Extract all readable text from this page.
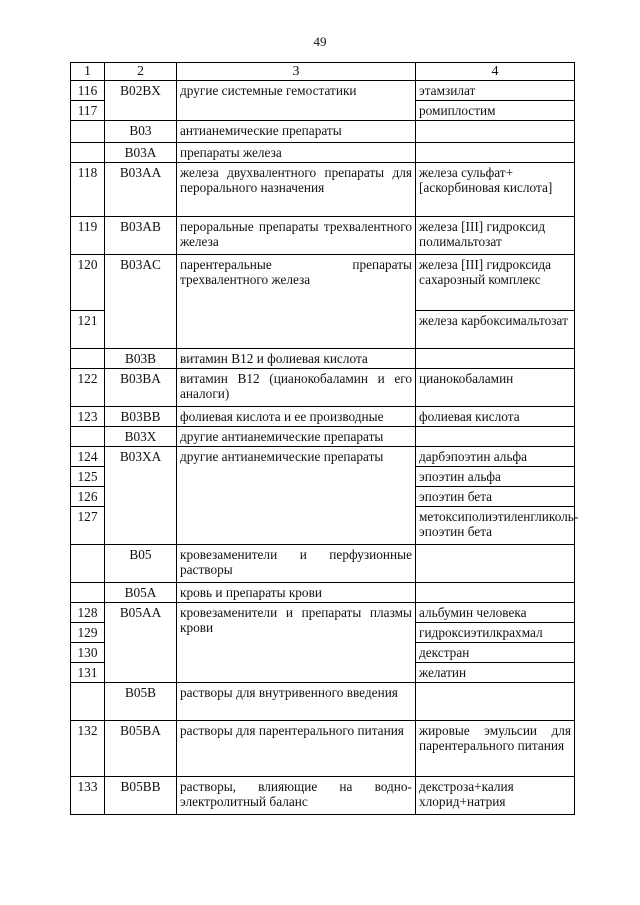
49
1	2	3	4
116	B02BX	другие системные гемостатики	этамзилат
117			ромиплостим
	B03	антианемические препараты	
	B03A	препараты железа	
118	B03AA	железа двухвалентного препараты для перорального назначения	железа сульфат+[аскорбиновая кислота]
119	B03AB	пероральные препараты трехвалентного железа	железа [III] гидроксид полимальтозат
120	B03AC	парентеральные препараты трехвалентного железа	железа [III] гидроксида сахарозный комплекс
121			железа карбоксимальтозат
	B03B	витамин B12 и фолиевая кислота	
122	B03BA	витамин B12 (цианокобаламин и его аналоги)	цианокобаламин
123	B03BB	фолиевая кислота и ее производные	фолиевая кислота
	B03X	другие антианемические препараты	
124	B03XA	другие антианемические препараты	дарбэпоэтин альфа
125			эпоэтин альфа
126			эпоэтин бета
127			метоксиполиэтиленгликоль- эпоэтин бета
	B05	кровезаменители и перфузионные растворы	
	B05A	кровь и препараты крови	
128	B05AA	кровезаменители и препараты плазмы крови	альбумин человека
129			гидроксиэтилкрахмал
130			декстран
131			желатин
	B05B	растворы для внутривенного введения	
132	B05BA	растворы для парентерального питания	жировые эмульсии для парентерального питания
133	B05BB	растворы, влияющие на водно-электролитный баланс	декстроза+калия хлорид+натрия
